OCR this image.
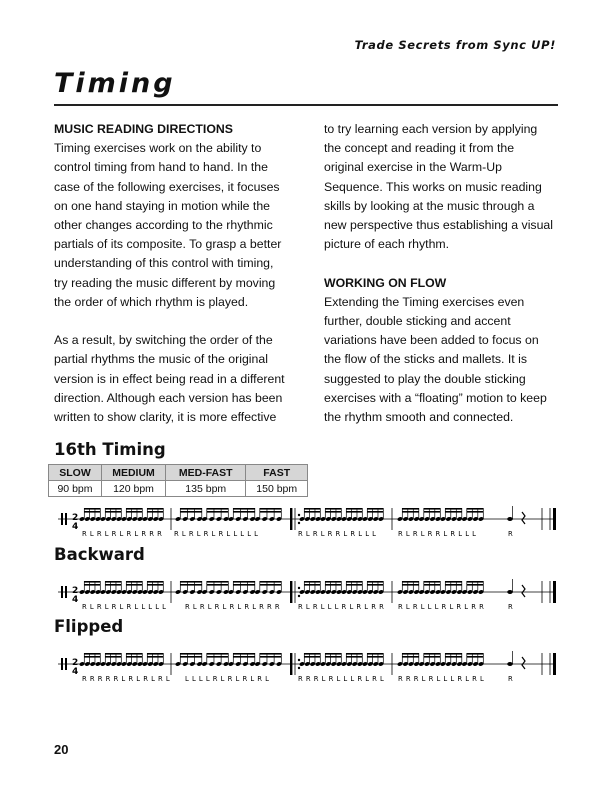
Trade Secrets from Sync UP!
Timing

MUSIC READING DIRECTIONS

Timing exercises work on the ability to

control timing from hand to hand. In the

case of the following exercises, it focuses

on one hand staying in motion while the

other changes according to the rhythmic

partials of its composite. To grasp a better

understanding of this control with timing,

try reading the music different by moving

the order of which rhythm is played.

As a result, by switching the order of the

partial rhythms the music of the original

version is in effect being read in a different

direction. Although each version has been

written to show clarity, it is more effective

to try learning each version by applying

the concept and reading it from the

original exercise in the Warm-Up

Sequence. This works on music reading

skills by looking at the music through a

new perspective thus establishing a visual

picture of each rhythm.

WORKING ON FLOW

Extending the Timing exercises even

further, double sticking and accent

variations have been added to focus on

the flow of the sticks and mallets. It is

suggested to play the double sticking

exercises with a “floating” motion to keep

the rhythm smooth and connected.

16th Timing
SLOW	MEDIUM	MED-FAST	FAST
90 bpm	120 bpm	135 bpm	150 bpm
2
4
R L R L R L R L R R R R L R L R L R L L L L L	R L R L R R L R L L L	R L R L R R L R L L L	R
Backward
2
4
R L R L R L R L L L L L	R L R L R L R L R L R R R	R L R L L L R L R L R R R L R L L L R L R L R R	R
Flipped
2
4
R R R R R L R L R L R L L L L L R L R L R L R L	R R R L R L L L R L R L R R R L R L L L R L R L	R
20
